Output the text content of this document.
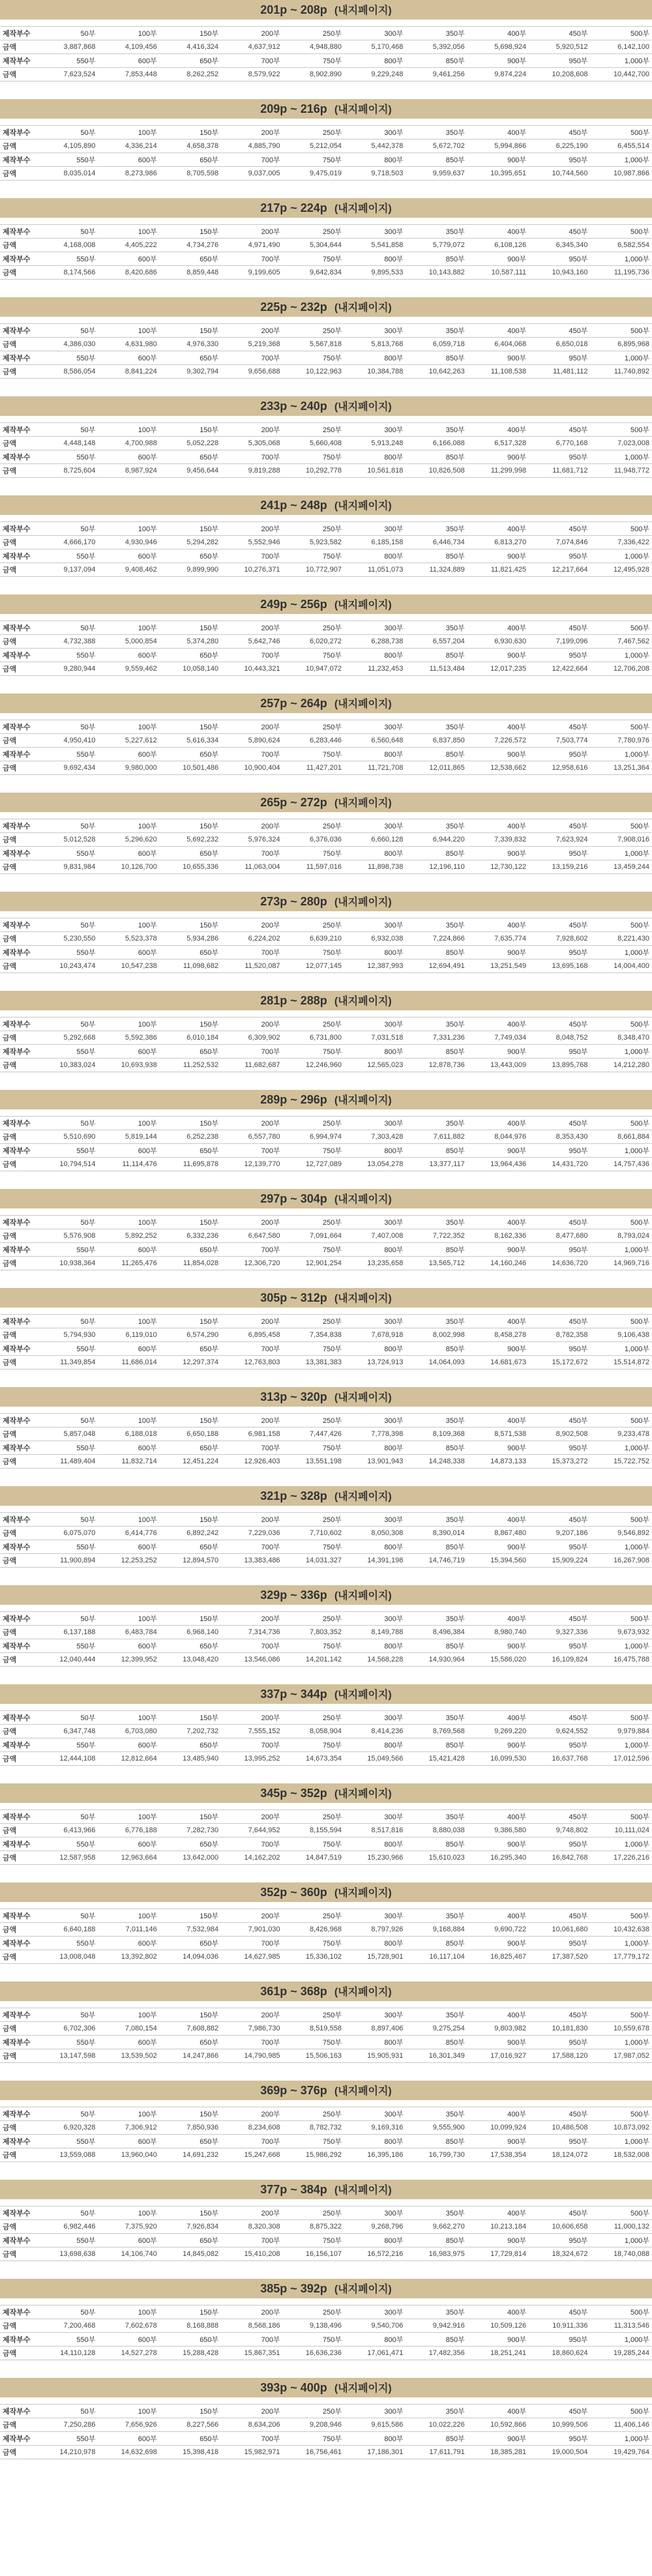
201p ~ 208p (내지페이지)
제작부수	50부	100부	150부	200부	250부	300부	350부	400부	450부	500부
금액	3,887,868	4,109,456	4,416,324	4,637,912	4,948,880	5,170,468	5,392,056	5,698,924	5,920,512	6,142,100
제작부수	550부	600부	650부	700부	750부	800부	850부	900부	950부	1,000부
금액	7,623,524	7,853,448	8,262,252	8,579,922	8,902,890	9,229,248	9,461,256	9,874,224	10,208,608	10,442,700
209p ~ 216p (내지페이지)
제작부수	50부	100부	150부	200부	250부	300부	350부	400부	450부	500부
금액	4,105,890	4,336,214	4,658,378	4,885,790	5,212,054	5,442,378	5,672,702	5,994,866	6,225,190	6,455,514
제작부수	550부	600부	650부	700부	750부	800부	850부	900부	950부	1,000부
금액	8,035,014	8,273,986	8,705,598	9,037,005	9,475,019	9,718,503	9,959,637	10,395,651	10,744,560	10,987,866
217p ~ 224p (내지페이지)
제작부수	50부	100부	150부	200부	250부	300부	350부	400부	450부	500부
금액	4,168,008	4,405,222	4,734,276	4,971,490	5,304,644	5,541,858	5,779,072	6,108,126	6,345,340	6,582,554
제작부수	550부	600부	650부	700부	750부	800부	850부	900부	950부	1,000부
금액	8,174,566	8,420,686	8,859,448	9,199,605	9,642,834	9,895,533	10,143,882	10,587,111	10,943,160	11,195,736
225p ~ 232p (내지페이지)
제작부수	50부	100부	150부	200부	250부	300부	350부	400부	450부	500부
금액	4,386,030	4,631,980	4,976,330	5,219,368	5,567,818	5,813,768	6,059,718	6,404,068	6,650,018	6,895,968
제작부수	550부	600부	650부	700부	750부	800부	850부	900부	950부	1,000부
금액	8,586,054	8,841,224	9,302,794	9,656,688	10,122,963	10,384,788	10,642,263	11,108,538	11,481,112	11,740,892
233p ~ 240p (내지페이지)
제작부수	50부	100부	150부	200부	250부	300부	350부	400부	450부	500부
금액	4,448,148	4,700,988	5,052,228	5,305,068	5,660,408	5,913,248	6,166,088	6,517,328	6,770,168	7,023,008
제작부수	550부	600부	650부	700부	750부	800부	850부	900부	950부	1,000부
금액	8,725,604	8,987,924	9,456,644	9,819,288	10,292,778	10,561,818	10,826,508	11,299,998	11,681,712	11,948,772
241p ~ 248p (내지페이지)
제작부수	50부	100부	150부	200부	250부	300부	350부	400부	450부	500부
금액	4,666,170	4,930,946	5,294,282	5,552,946	5,923,582	6,185,158	6,446,734	6,813,270	7,074,846	7,336,422
제작부수	550부	600부	650부	700부	750부	800부	850부	900부	950부	1,000부
금액	9,137,094	9,408,462	9,899,990	10,276,371	10,772,907	11,051,073	11,324,889	11,821,425	12,217,664	12,495,928
249p ~ 256p (내지페이지)
제작부수	50부	100부	150부	200부	250부	300부	350부	400부	450부	500부
금액	4,732,388	5,000,854	5,374,280	5,642,746	6,020,272	6,288,738	6,557,204	6,930,630	7,199,096	7,467,562
제작부수	550부	600부	650부	700부	750부	800부	850부	900부	950부	1,000부
금액	9,280,944	9,559,462	10,058,140	10,443,321	10,947,072	11,232,453	11,513,484	12,017,235	12,422,664	12,706,208
257p ~ 264p (내지페이지)
제작부수	50부	100부	150부	200부	250부	300부	350부	400부	450부	500부
금액	4,950,410	5,227,612	5,616,334	5,890,624	6,283,446	6,560,648	6,837,850	7,226,572	7,503,774	7,780,976
제작부수	550부	600부	650부	700부	750부	800부	850부	900부	950부	1,000부
금액	9,692,434	9,980,000	10,501,486	10,900,404	11,427,201	11,721,708	12,011,865	12,538,662	12,958,616	13,251,364
265p ~ 272p (내지페이지)
제작부수	50부	100부	150부	200부	250부	300부	350부	400부	450부	500부
금액	5,012,528	5,296,620	5,692,232	5,976,324	6,376,036	6,660,128	6,944,220	7,339,832	7,623,924	7,908,016
제작부수	550부	600부	650부	700부	750부	800부	850부	900부	950부	1,000부
금액	9,831,984	10,126,700	10,655,336	11,063,004	11,597,016	11,898,738	12,196,110	12,730,122	13,159,216	13,459,244
273p ~ 280p (내지페이지)
제작부수	50부	100부	150부	200부	250부	300부	350부	400부	450부	500부
금액	5,230,550	5,523,378	5,934,286	6,224,202	6,639,210	6,932,038	7,224,866	7,635,774	7,928,602	8,221,430
제작부수	550부	600부	650부	700부	750부	800부	850부	900부	950부	1,000부
금액	10,243,474	10,547,238	11,098,682	11,520,087	12,077,145	12,387,993	12,694,491	13,251,549	13,695,168	14,004,400
281p ~ 288p (내지페이지)
제작부수	50부	100부	150부	200부	250부	300부	350부	400부	450부	500부
금액	5,292,668	5,592,386	6,010,184	6,309,902	6,731,800	7,031,518	7,331,236	7,749,034	8,048,752	8,348,470
제작부수	550부	600부	650부	700부	750부	800부	850부	900부	950부	1,000부
금액	10,383,024	10,693,938	11,252,532	11,682,687	12,246,960	12,565,023	12,878,736	13,443,009	13,895,768	14,212,280
289p ~ 296p (내지페이지)
제작부수	50부	100부	150부	200부	250부	300부	350부	400부	450부	500부
금액	5,510,690	5,819,144	6,252,238	6,557,780	6,994,974	7,303,428	7,611,882	8,044,976	8,353,430	8,661,884
제작부수	550부	600부	650부	700부	750부	800부	850부	900부	950부	1,000부
금액	10,794,514	11,114,476	11,695,878	12,139,770	12,727,089	13,054,278	13,377,117	13,964,436	14,431,720	14,757,436
297p ~ 304p (내지페이지)
제작부수	50부	100부	150부	200부	250부	300부	350부	400부	450부	500부
금액	5,576,908	5,892,252	6,332,236	6,647,580	7,091,664	7,407,008	7,722,352	8,162,336	8,477,680	8,793,024
제작부수	550부	600부	650부	700부	750부	800부	850부	900부	950부	1,000부
금액	10,938,364	11,265,476	11,854,028	12,306,720	12,901,254	13,235,658	13,565,712	14,160,246	14,636,720	14,969,716
305p ~ 312p (내지페이지)
제작부수	50부	100부	150부	200부	250부	300부	350부	400부	450부	500부
금액	5,794,930	6,119,010	6,574,290	6,895,458	7,354,838	7,678,918	8,002,998	8,458,278	8,782,358	9,106,438
제작부수	550부	600부	650부	700부	750부	800부	850부	900부	950부	1,000부
금액	11,349,854	11,686,014	12,297,374	12,763,803	13,381,383	13,724,913	14,064,093	14,681,673	15,172,672	15,514,872
313p ~ 320p (내지페이지)
제작부수	50부	100부	150부	200부	250부	300부	350부	400부	450부	500부
금액	5,857,048	6,188,018	6,650,188	6,981,158	7,447,426	7,778,398	8,109,368	8,571,538	8,902,508	9,233,478
제작부수	550부	600부	650부	700부	750부	800부	850부	900부	950부	1,000부
금액	11,489,404	11,832,714	12,451,224	12,926,403	13,551,198	13,901,943	14,248,338	14,873,133	15,373,272	15,722,752
321p ~ 328p (내지페이지)
제작부수	50부	100부	150부	200부	250부	300부	350부	400부	450부	500부
금액	6,075,070	6,414,776	6,892,242	7,229,036	7,710,602	8,050,308	8,390,014	8,867,480	9,207,186	9,546,892
제작부수	550부	600부	650부	700부	750부	800부	850부	900부	950부	1,000부
금액	11,900,894	12,253,252	12,894,570	13,383,486	14,031,327	14,391,198	14,746,719	15,394,560	15,909,224	16,267,908
329p ~ 336p (내지페이지)
제작부수	50부	100부	150부	200부	250부	300부	350부	400부	450부	500부
금액	6,137,188	6,483,784	6,968,140	7,314,736	7,803,352	8,149,788	8,496,384	8,980,740	9,327,336	9,673,932
제작부수	550부	600부	650부	700부	750부	800부	850부	900부	950부	1,000부
금액	12,040,444	12,399,952	13,048,420	13,546,086	14,201,142	14,568,228	14,930,964	15,586,020	16,109,824	16,475,788
337p ~ 344p (내지페이지)
제작부수	50부	100부	150부	200부	250부	300부	350부	400부	450부	500부
금액	6,347,748	6,703,080	7,202,732	7,555,152	8,058,904	8,414,236	8,769,568	9,269,220	9,624,552	9,979,884
제작부수	550부	600부	650부	700부	750부	800부	850부	900부	950부	1,000부
금액	12,444,108	12,812,664	13,485,940	13,995,252	14,673,354	15,049,566	15,421,428	16,099,530	16,637,768	17,012,596
345p ~ 352p (내지페이지)
제작부수	50부	100부	150부	200부	250부	300부	350부	400부	450부	500부
금액	6,413,966	6,776,188	7,282,730	7,644,952	8,155,594	8,517,816	8,880,038	9,386,580	9,748,802	10,111,024
제작부수	550부	600부	650부	700부	750부	800부	850부	900부	950부	1,000부
금액	12,587,958	12,963,664	13,642,000	14,162,202	14,847,519	15,230,966	15,610,023	16,295,340	16,842,768	17,226,216
352p ~ 360p (내지페이지)
제작부수	50부	100부	150부	200부	250부	300부	350부	400부	450부	500부
금액	6,640,188	7,011,146	7,532,984	7,901,030	8,426,968	8,797,926	9,168,884	9,690,722	10,061,680	10,432,638
제작부수	550부	600부	650부	700부	750부	800부	850부	900부	950부	1,000부
금액	13,008,048	13,392,802	14,094,036	14,627,985	15,336,102	15,728,901	16,117,104	16,825,467	17,387,520	17,779,172
361p ~ 368p (내지페이지)
제작부수	50부	100부	150부	200부	250부	300부	350부	400부	450부	500부
금액	6,702,306	7,080,154	7,608,882	7,986,730	8,519,558	8,897,406	9,275,254	9,803,982	10,181,830	10,559,678
제작부수	550부	600부	650부	700부	750부	800부	850부	900부	950부	1,000부
금액	13,147,598	13,539,502	14,247,866	14,790,985	15,506,163	15,905,931	16,301,349	17,016,927	17,588,120	17,987,052
369p ~ 376p (내지페이지)
제작부수	50부	100부	150부	200부	250부	300부	350부	400부	450부	500부
금액	6,920,328	7,306,912	7,850,936	8,234,608	8,782,732	9,169,316	9,555,900	10,099,924	10,486,508	10,873,092
제작부수	550부	600부	650부	700부	750부	800부	850부	900부	950부	1,000부
금액	13,559,088	13,960,040	14,691,232	15,247,668	15,986,292	16,395,186	16,799,730	17,538,354	18,124,072	18,532,008
377p ~ 384p (내지페이지)
제작부수	50부	100부	150부	200부	250부	300부	350부	400부	450부	500부
금액	6,982,446	7,375,920	7,926,834	8,320,308	8,875,322	9,268,796	9,662,270	10,213,184	10,606,658	11,000,132
제작부수	550부	600부	650부	700부	750부	800부	850부	900부	950부	1,000부
금액	13,698,638	14,106,740	14,845,082	15,410,208	16,156,107	16,572,216	16,983,975	17,729,814	18,324,672	18,740,088
385p ~ 392p (내지페이지)
제작부수	50부	100부	150부	200부	250부	300부	350부	400부	450부	500부
금액	7,200,468	7,602,678	8,168,888	8,568,186	9,138,496	9,540,706	9,942,916	10,509,126	10,911,336	11,313,546
제작부수	550부	600부	650부	700부	750부	800부	850부	900부	950부	1,000부
금액	14,110,128	14,527,278	15,288,428	15,867,351	16,636,236	17,061,471	17,482,356	18,251,241	18,860,624	19,285,244
393p ~ 400p (내지페이지)
제작부수	50부	100부	150부	200부	250부	300부	350부	400부	450부	500부
금액	7,250,286	7,656,926	8,227,566	8,634,206	9,208,946	9,615,586	10,022,226	10,592,866	10,999,506	11,406,146
제작부수	550부	600부	650부	700부	750부	800부	850부	900부	950부	1,000부
금액	14,210,978	14,632,698	15,398,418	15,982,971	16,756,461	17,186,301	17,611,791	18,385,281	19,000,504	19,429,764
